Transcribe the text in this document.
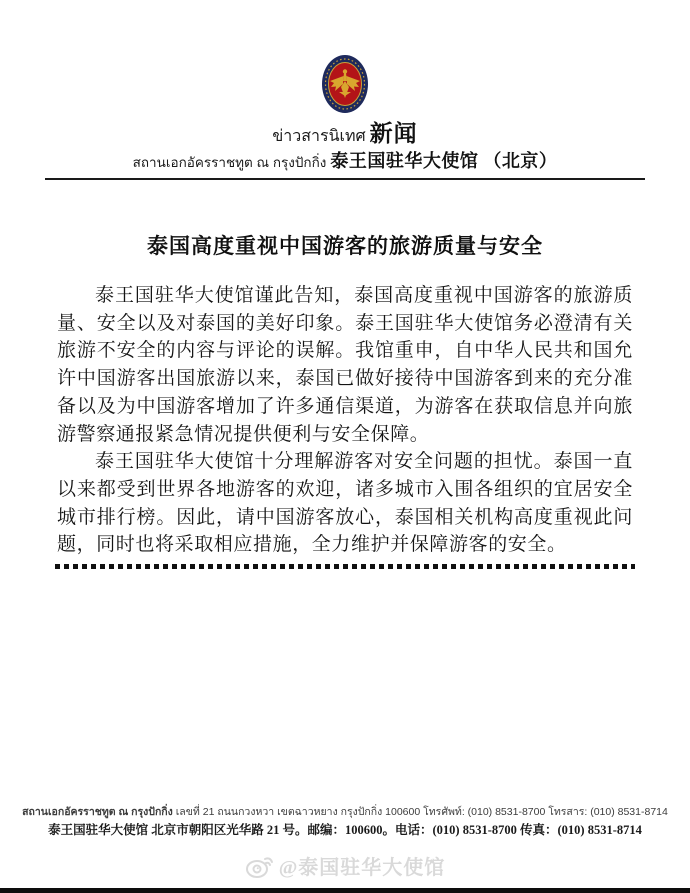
ข่าวสารนิเทศ 新闻
สถานเอกอัครราชทูต ณ กรุงปักกิ่ง 泰王国驻华大使馆 （北京）
泰国高度重视中国游客的旅游质量与安全

泰王国驻华大使馆谨此告知，泰国高度重视中国游客的旅游质量、安全以及对泰国的美好印象。泰王国驻华大使馆务必澄清有关旅游不安全的内容与评论的误解。我馆重申，自中华人民共和国允许中国游客出国旅游以来，泰国已做好接待中国游客到来的充分准备以及为中国游客增加了许多通信渠道，为游客在获取信息并向旅游警察通报紧急情况提供便利与安全保障。

泰王国驻华大使馆十分理解游客对安全问题的担忧。泰国一直以来都受到世界各地游客的欢迎，诸多城市入围各组织的宜居安全城市排行榜。因此，请中国游客放心，泰国相关机构高度重视此问题，同时也将采取相应措施，全力维护并保障游客的安全。

สถานเอกอัครราชทูต ณ กรุงปักกิ่ง เลขที่ 21 ถนนกวงหวา เขตฉาวหยาง กรุงปักกิ่ง 100600 โทรศัพท์: (010) 8531-8700 โทรสาร: (010) 8531-8714
泰王国驻华大使馆 北京市朝阳区光华路 21 号。邮编：100600。电话：(010) 8531-8700 传真：(010) 8531-8714
@泰国驻华大使馆
